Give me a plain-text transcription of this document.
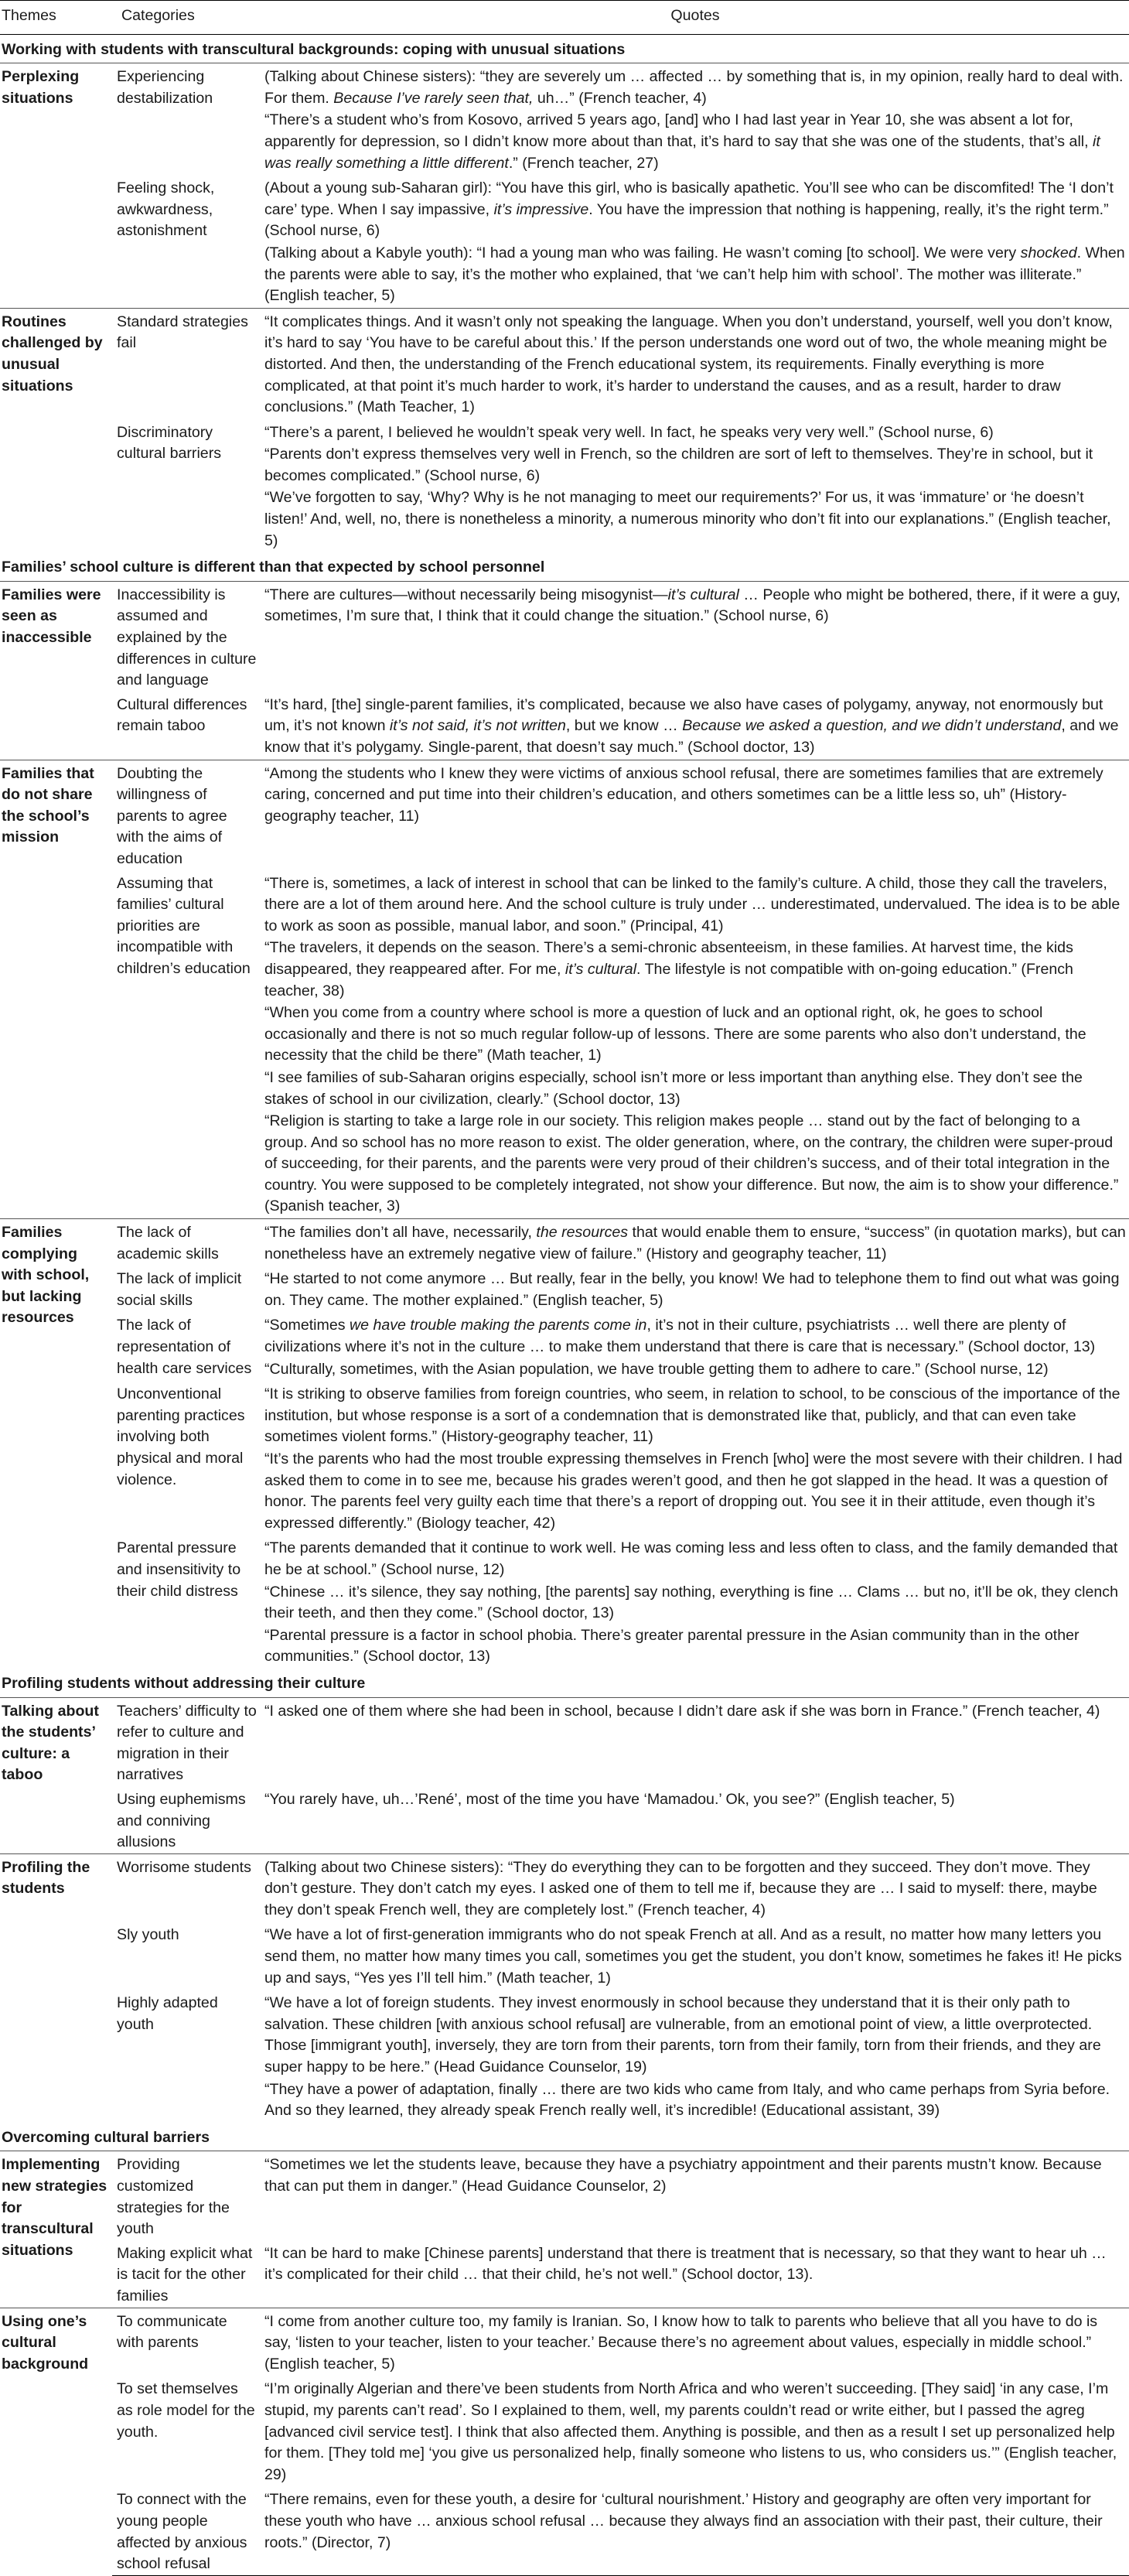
Themes	Categories	Quotes
Working with students with transcultural backgrounds: coping with unusual situations		
Perplexing situations	Experiencing destabilization	(Talking about Chinese sisters): “they are severely um … affected … by something that is, in my opinion, really hard to deal with. For them. Because I’ve rarely seen that, uh…” (French teacher, 4)
“There’s a student who’s from Kosovo, arrived 5 years ago, [and] who I had last year in Year 10, she was absent a lot for, apparently for depression, so I didn’t know more about than that, it’s hard to say that she was one of the students, that’s all, it was really something a little different.” (French teacher, 27)

	Feeling shock, awkwardness, astonishment	(About a young sub-Saharan girl): “You have this girl, who is basically apathetic. You’ll see who can be discomfited! The ‘I don’t care’ type. When I say impassive, it’s impressive. You have the impression that nothing is happening, really, it’s the right term.” (School nurse, 6)
(Talking about a Kabyle youth): “I had a young man who was failing. He wasn’t coming [to school]. We were very shocked. When the parents were able to say, it’s the mother who explained, that ‘we can’t help him with school’. The mother was illiterate.” (English teacher, 5)

Routines challenged by unusual situations	Standard strategies fail	“It complicates things. And it wasn’t only not speaking the language. When you don’t understand, yourself, well you don’t know, it’s hard to say ‘You have to be careful about this.’ If the person understands one word out of two, the whole meaning might be distorted. And then, the understanding of the French educational system, its requirements. Finally everything is more complicated, at that point it’s much harder to work, it’s harder to understand the causes, and as a result, harder to draw conclusions.” (Math Teacher, 1)

	Discriminatory cultural barriers	“There’s a parent, I believed he wouldn’t speak very well. In fact, he speaks very very well.” (School nurse, 6)
“Parents don’t express themselves very well in French, so the children are sort of left to themselves. They’re in school, but it becomes complicated.” (School nurse, 6)
“We’ve forgotten to say, ‘Why? Why is he not managing to meet our requirements?’ For us, it was ‘immature’ or ‘he doesn’t listen!’ And, well, no, there is nonetheless a minority, a numerous minority who don’t fit into our explanations.” (English teacher, 5)

Families’ school culture is different than that expected by school personnel		
Families were seen as inaccessible	Inaccessibility is assumed and explained by the differences in culture and language	“There are cultures—without necessarily being misogynist—it’s cultural … People who might be bothered, there, if it were a guy, sometimes, I’m sure that, I think that it could change the situation.” (School nurse, 6)

	Cultural differences remain taboo	“It’s hard, [the] single-parent families, it’s complicated, because we also have cases of polygamy, anyway, not enormously but um, it’s not known it’s not said, it’s not written, but we know … Because we asked a question, and we didn’t understand, and we know that it’s polygamy. Single-parent, that doesn’t say much.” (School doctor, 13)

Families that do not share the school’s mission	Doubting the willingness of parents to agree with the aims of education	“Among the students who I knew they were victims of anxious school refusal, there are sometimes families that are extremely caring, concerned and put time into their children’s education, and others sometimes can be a little less so, uh” (History-geography teacher, 11)

	Assuming that families’ cultural priorities are incompatible with children’s education	“There is, sometimes, a lack of interest in school that can be linked to the family’s culture. A child, those they call the travelers, there are a lot of them around here. And the school culture is truly under … underestimated, undervalued. The idea is to be able to work as soon as possible, manual labor, and soon.” (Principal, 41)
“The travelers, it depends on the season. There’s a semi-chronic absenteeism, in these families. At harvest time, the kids disappeared, they reappeared after. For me, it’s cultural. The lifestyle is not compatible with on-going education.” (French teacher, 38)
“When you come from a country where school is more a question of luck and an optional right, ok, he goes to school occasionally and there is not so much regular follow-up of lessons. There are some parents who also don’t understand, the necessity that the child be there” (Math teacher, 1)
“I see families of sub-Saharan origins especially, school isn’t more or less important than anything else. They don’t see the stakes of school in our civilization, clearly.” (School doctor, 13)
“Religion is starting to take a large role in our society. This religion makes people … stand out by the fact of belonging to a group. And so school has no more reason to exist. The older generation, where, on the contrary, the children were super-proud of succeeding, for their parents, and the parents were very proud of their children’s success, and of their total integration in the country. You were supposed to be completely integrated, not show your difference. But now, the aim is to show your difference.” (Spanish teacher, 3)

Families complying with school, but lacking resources	The lack of academic skills	“The families don’t all have, necessarily, the resources that would enable them to ensure, “success” (in quotation marks), but can nonetheless have an extremely negative view of failure.” (History and geography teacher, 11)

	The lack of implicit social skills	“He started to not come anymore … But really, fear in the belly, you know! We had to telephone them to find out what was going on. They came. The mother explained.” (English teacher, 5)

	The lack of representation of health care services	“Sometimes we have trouble making the parents come in, it’s not in their culture, psychiatrists … well there are plenty of civilizations where it’s not in the culture … to make them understand that there is care that is necessary.” (School doctor, 13)
“Culturally, sometimes, with the Asian population, we have trouble getting them to adhere to care.” (School nurse, 12)

	Unconventional parenting practices involving both physical and moral violence.	“It is striking to observe families from foreign countries, who seem, in relation to school, to be conscious of the importance of the institution, but whose response is a sort of a condemnation that is demonstrated like that, publicly, and that can even take sometimes violent forms.” (History-geography teacher, 11)
“It’s the parents who had the most trouble expressing themselves in French [who] were the most severe with their children. I had asked them to come in to see me, because his grades weren’t good, and then he got slapped in the head. It was a question of honor. The parents feel very guilty each time that there’s a report of dropping out. You see it in their attitude, even though it’s expressed differently.” (Biology teacher, 42)

	Parental pressure and insensitivity to their child distress	“The parents demanded that it continue to work well. He was coming less and less often to class, and the family demanded that he be at school.” (School nurse, 12)
“Chinese … it’s silence, they say nothing, [the parents] say nothing, everything is fine … Clams … but no, it’ll be ok, they clench their teeth, and then they come.” (School doctor, 13)
“Parental pressure is a factor in school phobia. There’s greater parental pressure in the Asian community than in the other communities.” (School doctor, 13)

Profiling students without addressing their culture		
Talking about the students’ culture: a taboo	Teachers’ difficulty to refer to culture and migration in their narratives	“I asked one of them where she had been in school, because I didn’t dare ask if she was born in France.” (French teacher, 4)

	Using euphemisms and conniving allusions	“You rarely have, uh…’René’, most of the time you have ‘Mamadou.’ Ok, you see?” (English teacher, 5)

Profiling the students	Worrisome students	(Talking about two Chinese sisters): “They do everything they can to be forgotten and they succeed. They don’t move. They don’t gesture. They don’t catch my eyes. I asked one of them to tell me if, because they are … I said to myself: there, maybe they don’t speak French well, they are completely lost.” (French teacher, 4)

	Sly youth	“We have a lot of first-generation immigrants who do not speak French at all. And as a result, no matter how many letters you send them, no matter how many times you call, sometimes you get the student, you don’t know, sometimes he fakes it! He picks up and says, “Yes yes I’ll tell him.” (Math teacher, 1)

	Highly adapted youth	“We have a lot of foreign students. They invest enormously in school because they understand that it is their only path to salvation. These children [with anxious school refusal] are vulnerable, from an emotional point of view, a little overprotected. Those [immigrant youth], inversely, they are torn from their parents, torn from their family, torn from their friends, and they are super happy to be here.” (Head Guidance Counselor, 19)
“They have a power of adaptation, finally … there are two kids who came from Italy, and who came perhaps from Syria before. And so they learned, they already speak French really well, it’s incredible! (Educational assistant, 39)

Overcoming cultural barriers		
Implementing new strategies for transcultural situations	Providing customized strategies for the youth	“Sometimes we let the students leave, because they have a psychiatry appointment and their parents mustn’t know. Because that can put them in danger.” (Head Guidance Counselor, 2)

	Making explicit what is tacit for the other families	“It can be hard to make [Chinese parents] understand that there is treatment that is necessary, so that they want to hear uh … it’s complicated for their child … that their child, he’s not well.” (School doctor, 13).

Using one’s cultural background	To communicate with parents	“I come from another culture too, my family is Iranian. So, I know how to talk to parents who believe that all you have to do is say, ‘listen to your teacher, listen to your teacher.’ Because there’s no agreement about values, especially in middle school.” (English teacher, 5)

	To set themselves as role model for the youth.	“I’m originally Algerian and there’ve been students from North Africa and who weren’t succeeding. [They said] ‘in any case, I’m stupid, my parents can’t read’. So I explained to them, well, my parents couldn’t read or write either, but I passed the agreg [advanced civil service test]. I think that also affected them. Anything is possible, and then as a result I set up personalized help for them. [They told me] ‘you give us personalized help, finally someone who listens to us, who considers us.’” (English teacher, 29)

	To connect with the young people affected by anxious school refusal	“There remains, even for these youth, a desire for ‘cultural nourishment.’ History and geography are often very important for these youth who have … anxious school refusal … because they always find an association with their past, their culture, their roots.” (Director, 7)
